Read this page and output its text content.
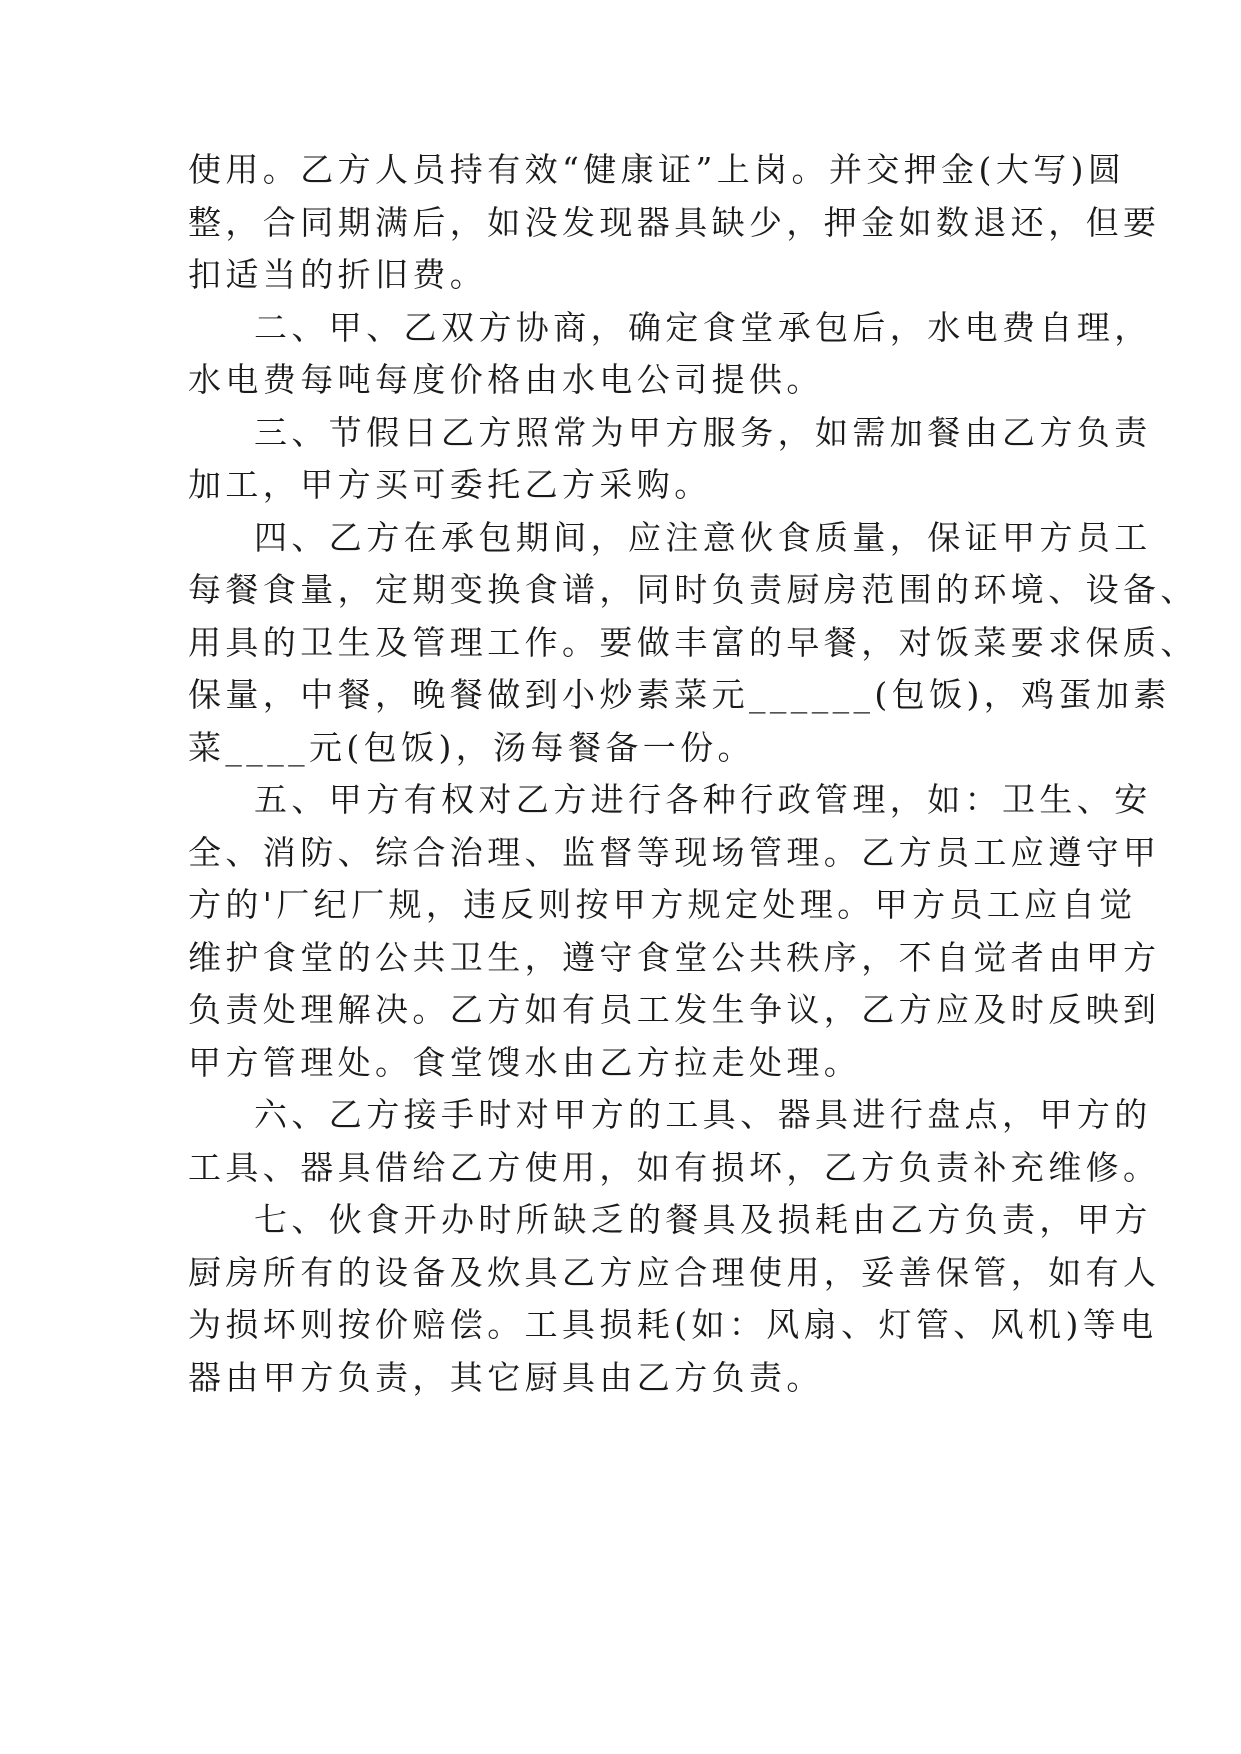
使用。乙方人员持有效“健康证”上岗。并交押金(大写)圆
整，合同期满后，如没发现器具缺少，押金如数退还，但要
扣适当的折旧费。
二、甲、乙双方协商，确定食堂承包后，水电费自理，
水电费每吨每度价格由水电公司提供。
三、节假日乙方照常为甲方服务，如需加餐由乙方负责
加工，甲方买可委托乙方采购。
四、乙方在承包期间，应注意伙食质量，保证甲方员工
每餐食量，定期变换食谱，同时负责厨房范围的环境、设备、
用具的卫生及管理工作。要做丰富的早餐，对饭菜要求保质、
保量，中餐，晚餐做到小炒素菜元______(包饭)，鸡蛋加素
菜____元(包饭)，汤每餐备一份。
五、甲方有权对乙方进行各种行政管理，如：卫生、安
全、消防、综合治理、监督等现场管理。乙方员工应遵守甲
方的'厂纪厂规，违反则按甲方规定处理。甲方员工应自觉
维护食堂的公共卫生，遵守食堂公共秩序，不自觉者由甲方
负责处理解决。乙方如有员工发生争议，乙方应及时反映到
甲方管理处。食堂馊水由乙方拉走处理。
六、乙方接手时对甲方的工具、器具进行盘点，甲方的
工具、器具借给乙方使用，如有损坏，乙方负责补充维修。
七、伙食开办时所缺乏的餐具及损耗由乙方负责，甲方
厨房所有的设备及炊具乙方应合理使用，妥善保管，如有人
为损坏则按价赔偿。工具损耗(如：风扇、灯管、风机)等电
器由甲方负责，其它厨具由乙方负责。
